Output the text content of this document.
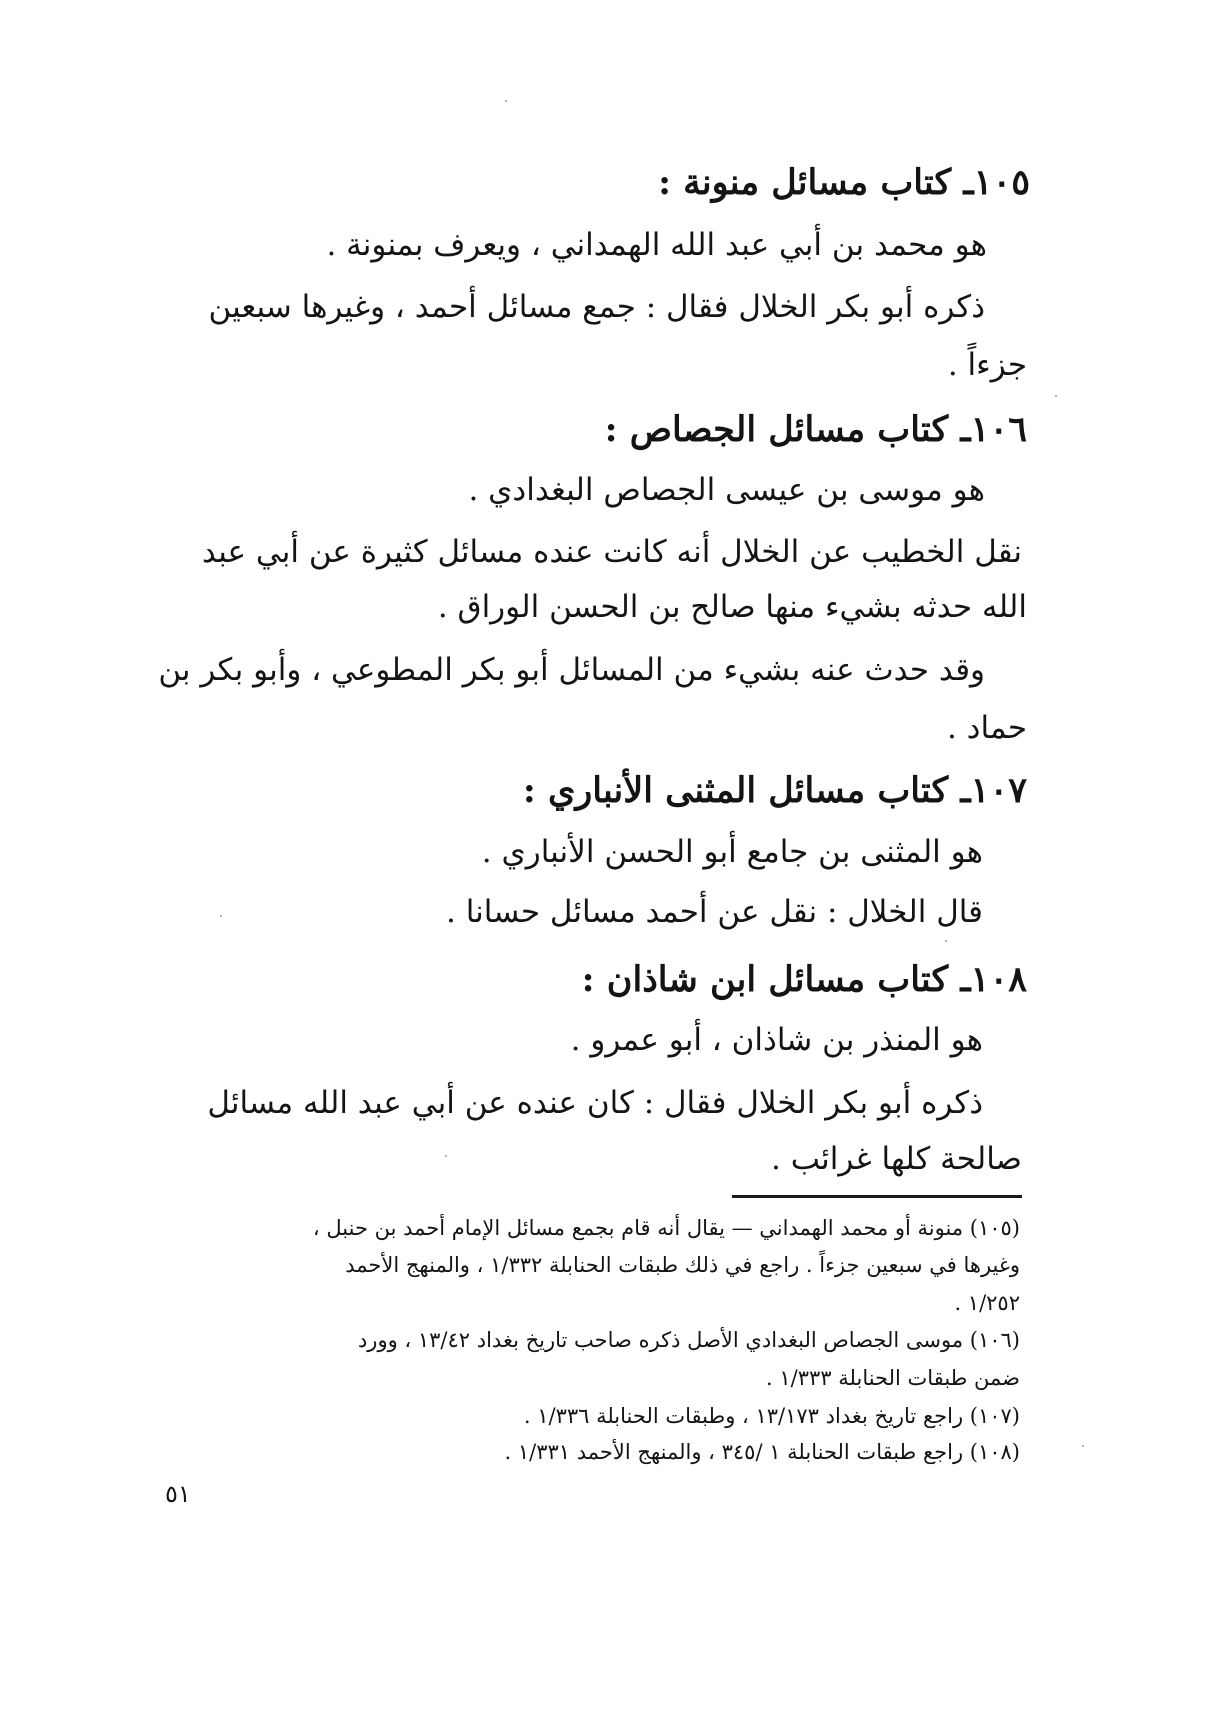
١٠٥ـ كتاب مسائل منونة :

هو محمد بن أبي عبد الله الهمداني ، ويعرف بمنونة .

ذكره أبو بكر الخلال فقال : جمع مسائل أحمد ، وغيرها سبعين

جزءاً .

١٠٦ـ كتاب مسائل الجصاص :

هو موسى بن عيسى الجصاص البغدادي .

نقل الخطيب عن الخلال أنه كانت عنده مسائل كثيرة عن أبي عبد

الله حدثه بشيء منها صالح بن الحسن الوراق .

وقد حدث عنه بشيء من المسائل أبو بكر المطوعي ، وأبو بكر بن

حماد .

١٠٧ـ كتاب مسائل المثنى الأنباري :

هو المثنى بن جامع أبو الحسن الأنباري .

قال الخلال : نقل عن أحمد مسائل حسانا .

١٠٨ـ كتاب مسائل ابن شاذان :

هو المنذر بن شاذان ، أبو عمرو .

ذكره أبو بكر الخلال فقال : كان عنده عن أبي عبد الله مسائل

صالحة كلها غرائب .

(١٠٥) منونة أو محمد الهمداني — يقال أنه قام بجمع مسائل الإمام أحمد بن حنبل ،

وغيرها في سبعين جزءاً . راجع في ذلك طبقات الحنابلة ١/٣٣٢ ، والمنهج الأحمد

١/٢٥٢ .

(١٠٦) موسى الجصاص البغدادي الأصل ذكره صاحب تاريخ بغداد ١٣/٤٢ ، وورد

ضمن طبقات الحنابلة ١/٣٣٣ .

(١٠٧) راجع تاريخ بغداد ١٣/١٧٣ ، وطبقات الحنابلة ١/٣٣٦ .

(١٠٨) راجع طبقات الحنابلة ١ /٣٤٥ ، والمنهج الأحمد ١/٣٣١ .

٥١
